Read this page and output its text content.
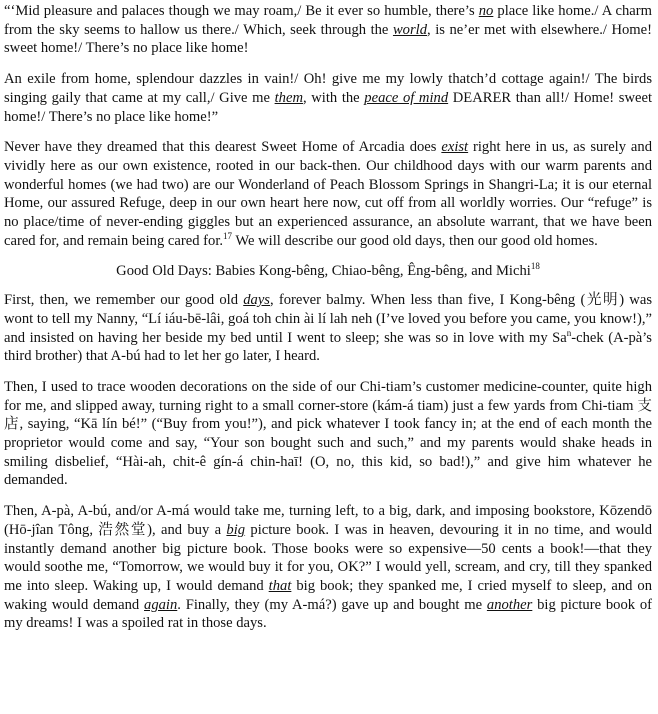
“‘Mid pleasure and palaces though we may roam,/ Be it ever so humble, there’s no place like home./ A charm from the sky seems to hallow us there./ Which, seek through the world, is ne’er met with elsewhere./ Home! sweet home!/ There’s no place like home!

An exile from home, splendour dazzles in vain!/ Oh! give me my lowly thatch’d cottage again!/ The birds singing gaily that came at my call,/ Give me them, with the peace of mind DEARER than all!/ Home! sweet home!/ There’s no place like home!”

Never have they dreamed that this dearest Sweet Home of Arcadia does exist right here in us, as surely and vividly here as our own existence, rooted in our back-then. Our childhood days with our warm parents and wonderful homes (we had two) are our Wonderland of Peach Blossom Springs in Shangri-La; it is our eternal Home, our assured Refuge, deep in our own heart here now, cut off from all worldly worries. Our “refuge” is no place/time of never-ending giggles but an experienced assurance, an absolute warrant, that we have been cared for, and remain being cared for.$^{17}$ We will describe our good old days, then our good old homes.

Good Old Days: Babies Kong-bêng, Chiao-bêng, Êng-bêng, and Michi$^{18}$

First, then, we remember our good old days, forever balmy. When less than five, I Kong-bêng (光明) was wont to tell my Nanny, “Lí iáu-bē-lâi, goá toh chin ài lí lah neh (I’ve loved you before you came, you know!),” and insisted on having her beside my bed until I went to sleep; she was so in love with my Sa$^n$-chek (A-pà’s third brother) that A-bú had to let her go later, I heard.

Then, I used to trace wooden decorations on the side of our Chi-tiam’s customer medicine-counter, quite high for me, and slipped away, turning right to a small corner-store (kám-á tiam) just a few yards from Chi-tiam 支店, saying, “Kā lín bé!” (“Buy from you!”), and pick whatever I took fancy in; at the end of each month the proprietor would come and say, “Your son bought such and such,” and my parents would shake heads in smiling disbelief, “Hài-ah, chit-ê gín-á chin-haī! (O, no, this kid, so bad!),” and give him whatever he demanded.

Then, A-pà, A-bú, and/or A-má would take me, turning left, to a big, dark, and imposing bookstore, Kōzendō (Hō-jîan Tông, 浩然堂), and buy a big picture book. I was in heaven, devouring it in no time, and would instantly demand another big picture book. Those books were so expensive—50 cents a book!—that they would soothe me, “Tomorrow, we would buy it for you, OK?” I would yell, scream, and cry, till they spanked me into sleep. Waking up, I would demand that big book; they spanked me, I cried myself to sleep, and on waking would demand again. Finally, they (my A-má?) gave up and bought me another big picture book of my dreams! I was a spoiled rat in those days.
